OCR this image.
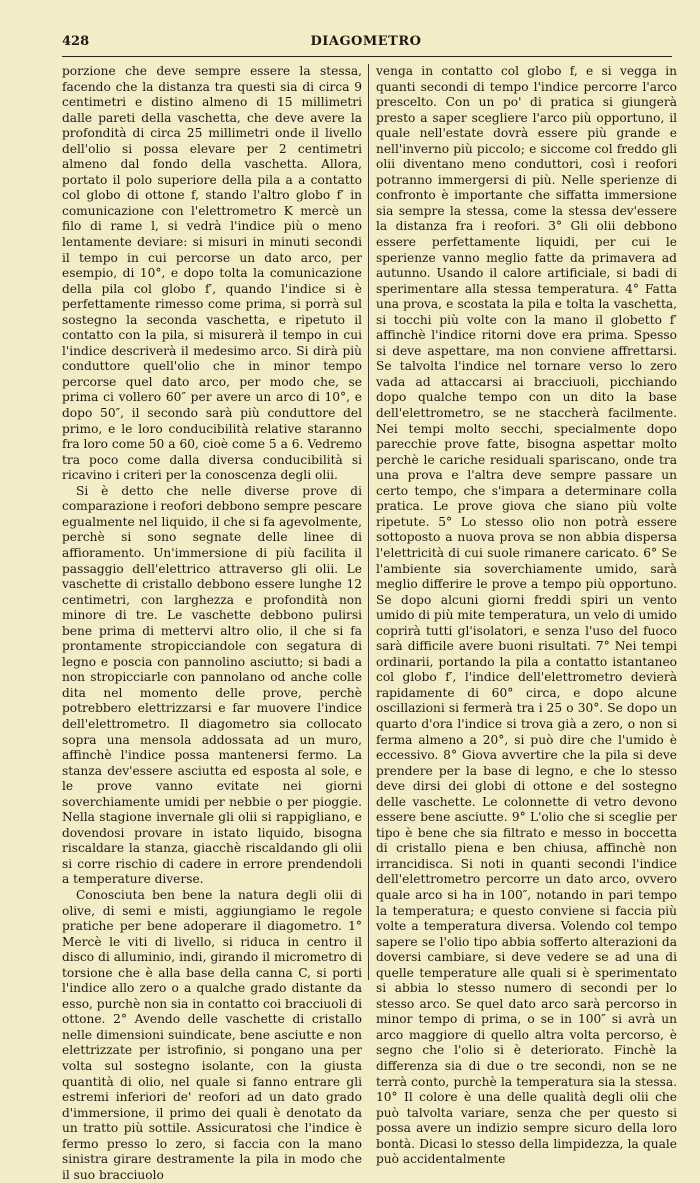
428	DIAGOMETRO

porzione che deve sempre essere la stessa, facendo che la distanza tra questi sia di circa 9 centimetri e distino almeno di 15 millimetri dalle pareti della vaschetta, che deve avere la profondità di circa 25 millimetri onde il livello dell'olio si possa elevare per 2 centimetri almeno dal fondo della vaschetta. Allora, portato il polo superiore della pila a a contatto col globo di ottone f, stando l'altro globo f′ in comunicazione con l'elettrometro K mercè un filo di rame l, si vedrà l'indice più o meno lentamente deviare: si misuri in minuti secondi il tempo in cui percorse un dato arco, per esempio, di 10°, e dopo tolta la comunicazione della pila col globo f′, quando l'indice si è perfettamente rimesso come prima, si porrà sul sostegno la seconda vaschetta, e ripetuto il contatto con la pila, si misurerà il tempo in cui l'indice descriverà il medesimo arco. Si dirà più conduttore quell'olio che in minor tempo percorse quel dato arco, per modo che, se prima ci vollero 60″ per avere un arco di 10°, e dopo 50″, il secondo sarà più conduttore del primo, e le loro conducibilità relative staranno fra loro come 50 a 60, cioè come 5 a 6. Vedremo tra poco come dalla diversa conducibilità si ricavino i criteri per la conoscenza degli olii.

Si è detto che nelle diverse prove di comparazione i reofori debbono sempre pescare egualmente nel liquido, il che si fa agevolmente, perchè si sono segnate delle linee di affioramento. Un'immersione di più facilita il passaggio dell'elettrico attraverso gli olii. Le vaschette di cristallo debbono essere lunghe 12 centimetri, con larghezza e profondità non minore di tre. Le vaschette debbono pulirsi bene prima di mettervi altro olio, il che si fa prontamente stropicciandole con segatura di legno e poscia con pannolino asciutto; si badi a non stropicciarle con pannolano od anche colle dita nel momento delle prove, perchè potrebbero elettrizzarsi e far muovere l'indice dell'elettrometro. Il diagometro sia collocato sopra una mensola addossata ad un muro, affinchè l'indice possa mantenersi fermo. La stanza dev'essere asciutta ed esposta al sole, e le prove vanno evitate nei giorni soverchiamente umidi per nebbie o per pioggie. Nella stagione invernale gli olii si rappigliano, e dovendosi provare in istato liquido, bisogna riscaldare la stanza, giacchè riscaldando gli olii si corre rischio di cadere in errore prendendoli a temperature diverse.

Conosciuta ben bene la natura degli olii di olive, di semi e misti, aggiungiamo le regole pratiche per bene adoperare il diagometro. 1° Mercè le viti di livello, si riduca in centro il disco di alluminio, indi, girando il micrometro di torsione che è alla base della canna C, si porti l'indice allo zero o a qualche grado distante da esso, purchè non sia in contatto coi bracciuoli di ottone. 2° Avendo delle vaschette di cristallo nelle dimensioni suindicate, bene asciutte e non elettrizzate per istrofinio, si pongano una per volta sul sostegno isolante, con la giusta quantità di olio, nel quale si fanno entrare gli estremi inferiori de' reofori ad un dato grado d'immersione, il primo dei quali è denotato da un tratto più sottile. Assicuratosi che l'indice è fermo presso lo zero, si faccia con la mano sinistra girare destramente la pila in modo che il suo bracciuolo

venga in contatto col globo f, e si vegga in quanti secondi di tempo l'indice percorre l'arco prescelto. Con un po' di pratica si giungerà presto a saper scegliere l'arco più opportuno, il quale nell'estate dovrà essere più grande e nell'inverno più piccolo; e siccome col freddo gli olii diventano meno conduttori, così i reofori potranno immergersi di più. Nelle sperienze di confronto è importante che siffatta immersione sia sempre la stessa, come la stessa dev'essere la distanza fra i reofori. 3° Gli olii debbono essere perfettamente liquidi, per cui le sperienze vanno meglio fatte da primavera ad autunno. Usando il calore artificiale, si badi di sperimentare alla stessa temperatura. 4° Fatta una prova, e scostata la pila e tolta la vaschetta, si tocchi più volte con la mano il globetto f′ affinchè l'indice ritorni dove era prima. Spesso si deve aspettare, ma non conviene affrettarsi. Se talvolta l'indice nel tornare verso lo zero vada ad attaccarsi ai bracciuoli, picchiando dopo qualche tempo con un dito la base dell'elettrometro, se ne staccherà facilmente. Nei tempi molto secchi, specialmente dopo parecchie prove fatte, bisogna aspettar molto perchè le cariche residuali spariscano, onde tra una prova e l'altra deve sempre passare un certo tempo, che s'impara a determinare colla pratica. Le prove giova che siano più volte ripetute. 5° Lo stesso olio non potrà essere sottoposto a nuova prova se non abbia dispersa l'elettricità di cui suole rimanere caricato. 6° Se l'ambiente sia soverchiamente umido, sarà meglio differire le prove a tempo più opportuno. Se dopo alcuni giorni freddi spiri un vento umido di più mite temperatura, un velo di umido coprirà tutti gl'isolatori, e senza l'uso del fuoco sarà difficile avere buoni risultati. 7° Nei tempi ordinarii, portando la pila a contatto istantaneo col globo f′, l'indice dell'elettrometro devierà rapidamente di 60° circa, e dopo alcune oscillazioni si fermerà tra i 25 o 30°. Se dopo un quarto d'ora l'indice si trova già a zero, o non si ferma almeno a 20°, si può dire che l'umido è eccessivo. 8° Giova avvertire che la pila si deve prendere per la base di legno, e che lo stesso deve dirsi dei globi di ottone e del sostegno delle vaschette. Le colonnette di vetro devono essere bene asciutte. 9° L'olio che si sceglie per tipo è bene che sia filtrato e messo in boccetta di cristallo piena e ben chiusa, affinchè non irrancidisca. Si noti in quanti secondi l'indice dell'elettrometro percorre un dato arco, ovvero quale arco si ha in 100″, notando in pari tempo la temperatura; e questo conviene si faccia più volte a temperatura diversa. Volendo col tempo sapere se l'olio tipo abbia sofferto alterazioni da doversi cambiare, si deve vedere se ad una di quelle temperature alle quali si è sperimentato si abbia lo stesso numero di secondi per lo stesso arco. Se quel dato arco sarà percorso in minor tempo di prima, o se in 100″ si avrà un arco maggiore di quello altra volta percorso, è segno che l'olio si è deteriorato. Finchè la differenza sia di due o tre secondi, non se ne terrà conto, purchè la temperatura sia la stessa. 10° Il colore è una delle qualità degli olii che può talvolta variare, senza che per questo si possa avere un indizio sempre sicuro della loro bontà. Dicasi lo stesso della limpidezza, la quale può accidentalmente
